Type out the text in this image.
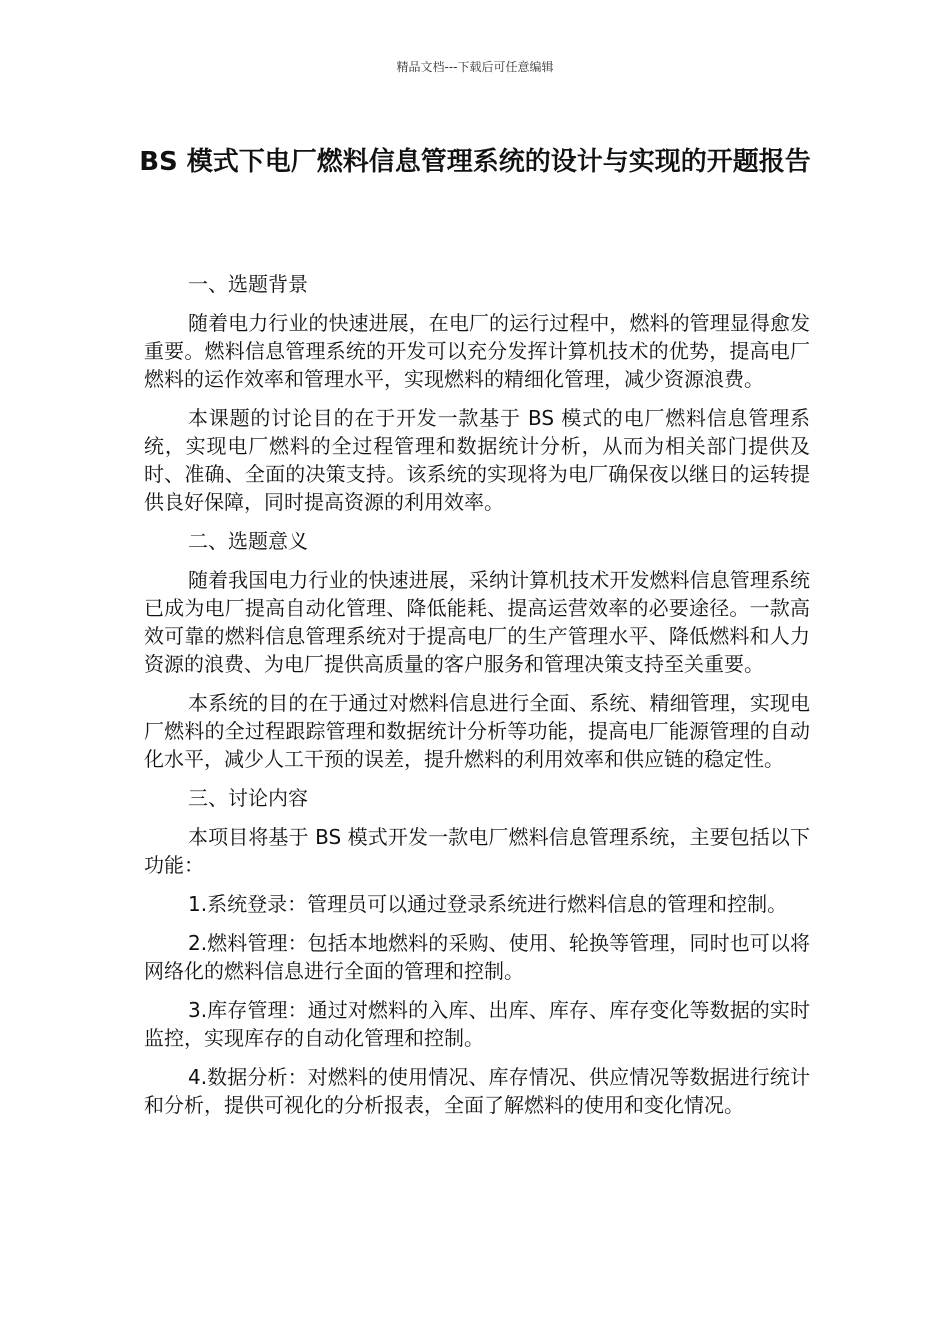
精品文档---下载后可任意编辑
BS 模式下电厂燃料信息管理系统的设计与实现的开题报告

一、选题背景

随着电力行业的快速进展，在电厂的运行过程中，燃料的管理显得愈发重要。燃料信息管理系统的开发可以充分发挥计算机技术的优势，提高电厂燃料的运作效率和管理水平，实现燃料的精细化管理，减少资源浪费。

本课题的讨论目的在于开发一款基于 BS 模式的电厂燃料信息管理系统，实现电厂燃料的全过程管理和数据统计分析，从而为相关部门提供及时、准确、全面的决策支持。该系统的实现将为电厂确保夜以继日的运转提供良好保障，同时提高资源的利用效率。

二、选题意义

随着我国电力行业的快速进展，采纳计算机技术开发燃料信息管理系统已成为电厂提高自动化管理、降低能耗、提高运营效率的必要途径。一款高效可靠的燃料信息管理系统对于提高电厂的生产管理水平、降低燃料和人力资源的浪费、为电厂提供高质量的客户服务和管理决策支持至关重要。

本系统的目的在于通过对燃料信息进行全面、系统、精细管理，实现电厂燃料的全过程跟踪管理和数据统计分析等功能，提高电厂能源管理的自动化水平，减少人工干预的误差，提升燃料的利用效率和供应链的稳定性。

三、讨论内容

本项目将基于 BS 模式开发一款电厂燃料信息管理系统，主要包括以下功能：

1.系统登录：管理员可以通过登录系统进行燃料信息的管理和控制。

2.燃料管理：包括本地燃料的采购、使用、轮换等管理，同时也可以将网络化的燃料信息进行全面的管理和控制。

3.库存管理：通过对燃料的入库、出库、库存、库存变化等数据的实时监控，实现库存的自动化管理和控制。

4.数据分析：对燃料的使用情况、库存情况、供应情况等数据进行统计和分析，提供可视化的分析报表，全面了解燃料的使用和变化情况。
